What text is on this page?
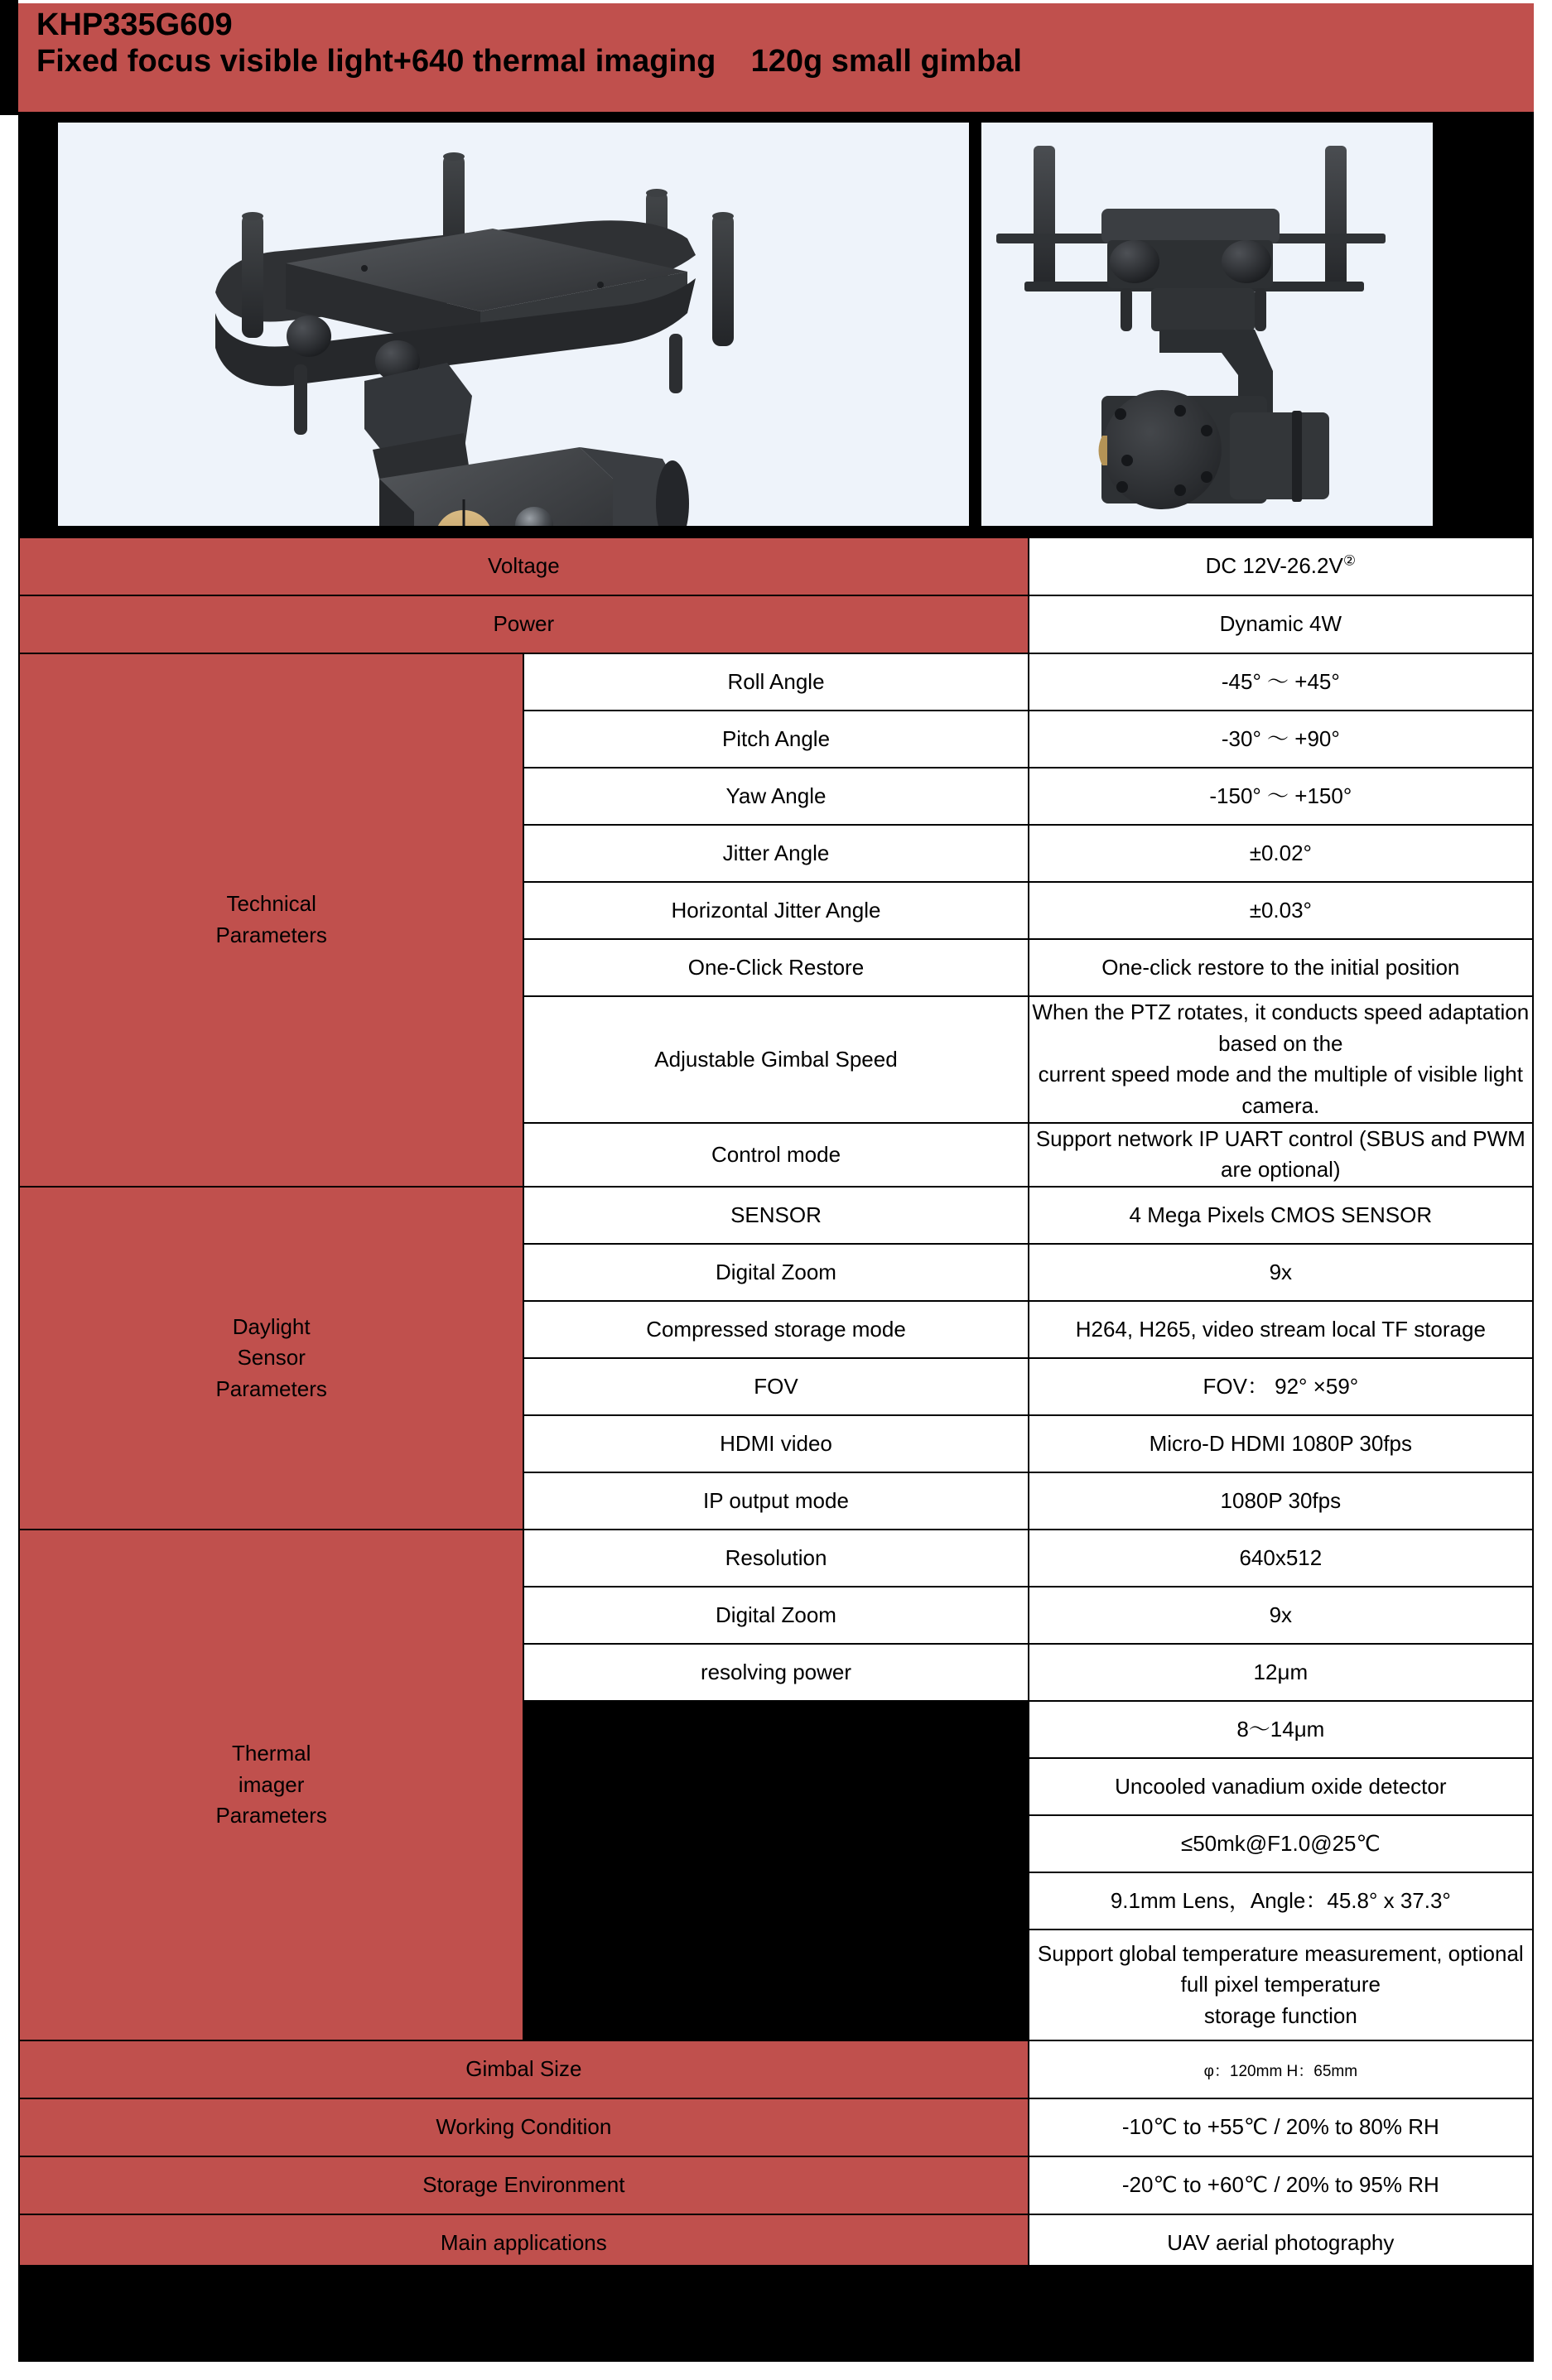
KHP335G609
Fixed focus visible light+640 thermal imaging    120g small gimbal
Voltage		DC 12V-26.2V②
Power		Dynamic 4W

Technical
Parameters	Roll Angle	-45° ～ +45°
	Pitch Angle	-30° ～ +90°
	Yaw Angle	-150° ～ +150°
	Jitter Angle	±0.02°
	Horizontal Jitter Angle	±0.03°
	One-Click Restore	One-click restore to the initial position
	Adjustable Gimbal Speed	When the PTZ rotates, it conducts speed adaptation based on the
current speed mode and the multiple of visible light camera.

	Control mode	Support network IP UART control (SBUS and PWM are optional)

Daylight
Sensor
Parameters	SENSOR	4 Mega Pixels CMOS SENSOR
	Digital Zoom	9x
	Compressed storage mode	H264, H265, video stream local TF storage
	FOV	FOV： 92° ×59°
	HDMI video	Micro-D HDMI 1080P 30fps
	IP output mode	1080P 30fps

Thermal
imager
Parameters	Resolution	640x512
	Digital Zoom	9x
	resolving power	12μm
		8～14μm
		Uncooled vanadium oxide detector
		≤50mk@F1.0@25℃
		9.1mm Lens，Angle：45.8° x 37.3°

		Support global temperature measurement, optional full pixel temperature
storage function

Gimbal Size		φ：120mm H：65mm
Working Condition		-10℃ to +55℃ / 20% to 80% RH
Storage Environment		-20℃ to +60℃ / 20% to 95% RH
Main applications		UAV aerial photography
